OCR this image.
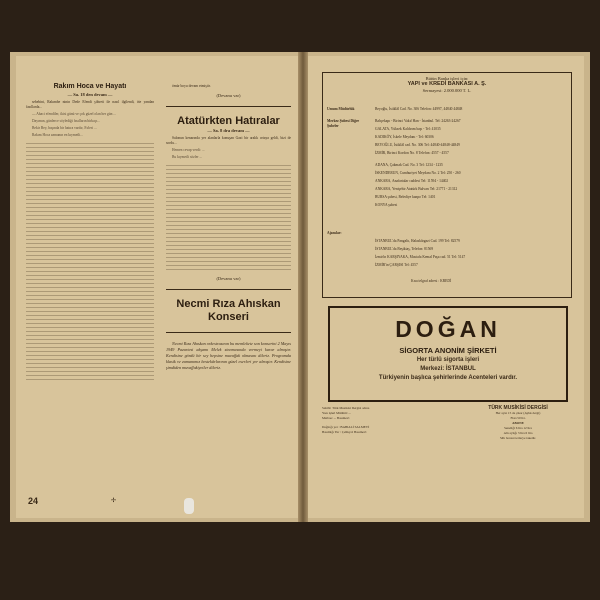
Rakım Hoca ve Hayatı
— Sa. 18 den devam —

sebebini, Rakımbe ninin Dede Efendi şöhreti ile nasıl ilgilendi, öte yandan fasıllarda...

— Abaci efendiler, ikisi günü ve çok güzel olan her gün ...

Dayımın, günlerce söylediği fasılların birkaçı...

Bekir Bey, başında bir hatıra vardır, Evleri ...

Rakım Hoca zamanın en kıymetli...

ömür boyu devam etmiştir.

(Devamı var)
Atatürkten Hatıralar
— Sa. 8 dra devam —

Salonun kenarında yer alanlarla konuşan Gazi bir aralık ortaya geldi, bizi de sordu...

Hemen cevap verdi: ...

Bu kıymetli sözler ...

(Devamı var)
Necmi Rıza Ahıskan
Konseri

Necmi Rıza Ahıskan orkestrasının bu memlekete son konserini 2 Mayıs 1949 Pazartesi akşamı Melek sinemasında vermeyi karar almıştır. Kendisine gördü bir sey hepsine muvaffak olmasını dileriz. Programda klasik ve zamanımız bestekârlarının güzel eserleri yer almıştır. Kendisine şimdiden muvaffakiyetler dileriz.

24	✢
Bütün Banka işleri için:
YAPI ve KREDİ BANKASI A. Ş.
Sermayesi: 2.000.000 T. L.
Umum Müdürlük	Beyoğlu, İstiklâl Cad. No. 306 Telefon: 44997, 44840 44848
Merkez Şubesi Diğer Şubeler
Bahçekapı - Birinci Vakıf Han - İstanbul. Tel: 24263-24267
GALATA, Yüksek Kaldırım başı - Tel: 41035
KADIKÖY, İskele Meydanı - Tel: 60306
BEYOĞLU, İstiklâl cad. No. 306 Tel: 44840-44848-44849
İZMİR, Birinci Kordon No. 8 Telefon: 4557 - 4557
ADANA, Çakmak Cad. No. 3 Tel: 1234 - 1235
İSKENDERUN, Cumhuriyet Meydanı No. 2 Tel: 250 - 260
ANKARA, Anafartalar caddesi Tel: 11594 - 14402
ANKARA, Yenişehir Atatürk Bulvarı Tel: 21771 - 21312
BURSA şubesi, Belediye kanpo Tel: 1401
KONYA şubesi
Ajanslar:
İSTANBUL'da Pangaltı, Halaskârgazi Cad. 199 Tel: 82579
İSTANBUL'da Beşiktaş, Telefon: 81569
İzmir'in KARŞIYAKA, Mustafa Kemal Paşa cad. 51 Tel: 5147
İZMİR'in ÇARŞISI Tel: 4557
Kısa telgraf adresi : KREDİ
DOĞAN
SİGORTA ANONİM ŞİRKETİ
Her türlü sigorta işleri
Merkezi: İSTANBUL
Türkiyenin başlıca şehirlerinde Acenteleri vardır.
Sahibi: Türk Musikisi Dergisi adına
Yazı işleri Müdürü: ...
Matbaa: ... Basımevi
Dağıtığı yer : BABIALİ SALMEVİ
Basıldığı Yer : Çelikyol Basımevi
TÜRK MUSİKİSİ DERGİSİ
Her ayın 15 de çıkar (Aylık dergi)
Fiatı 50 Kr.
ABONE
Seneliği 6 lira 12 lira
Altı aylığı 3 lira 6 lira
Sâlı bonasi terlerye takedir.
